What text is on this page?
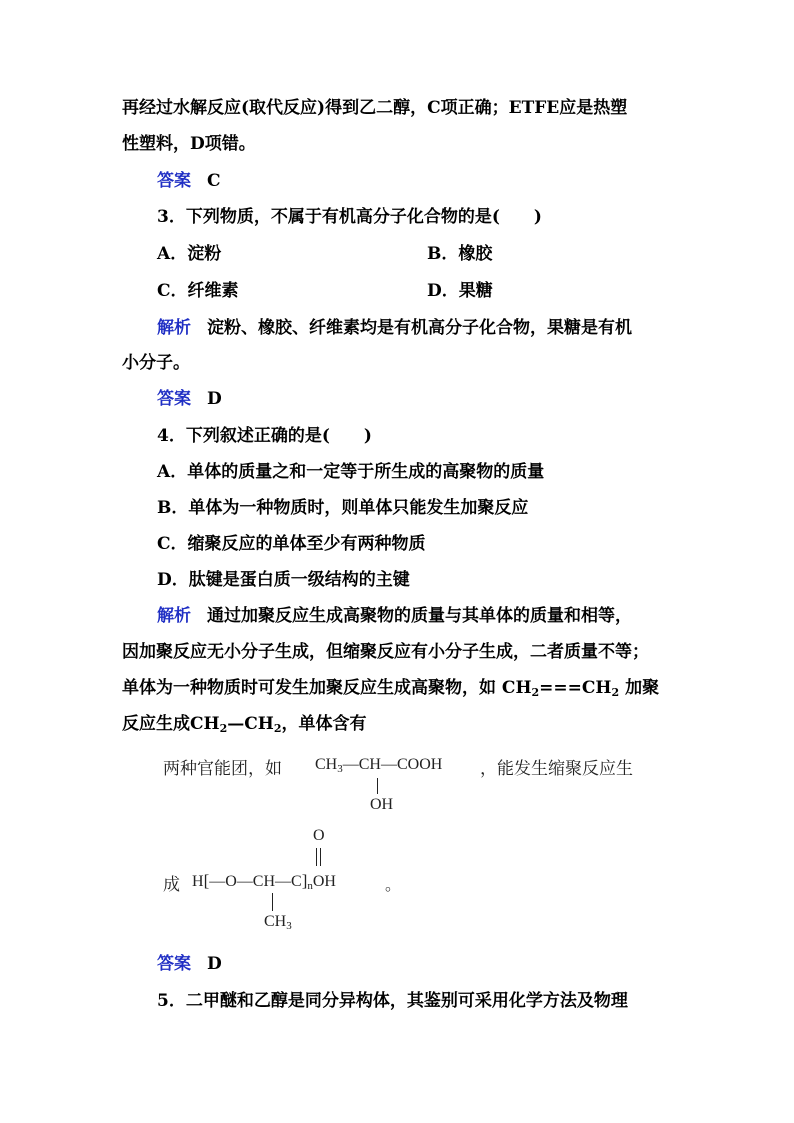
再经过水解反应(取代反应)得到乙二醇，C项正确；ETFE应是热塑
性塑料，D项错。
答案 C
3．下列物质，不属于有机高分子化合物的是(　　)
A．淀粉	B．橡胶
C．纤维素	D．果糖
解析 淀粉、橡胶、纤维素均是有机高分子化合物，果糖是有机
小分子。
答案 D
4．下列叙述正确的是(　　)
A．单体的质量之和一定等于所生成的高聚物的质量
B．单体为一种物质时，则单体只能发生加聚反应
C．缩聚反应的单体至少有两种物质
D．肽键是蛋白质一级结构的主键
解析 通过加聚反应生成高聚物的质量与其单体的质量和相等，
因加聚反应无小分子生成，但缩聚反应有小分子生成，二者质量不等；
单体为一种物质时可发生加聚反应生成高聚物，如 $CH_2===CH_2$ 加聚
反应生成$CH_2—CH_2$，单体含有
两种官能团，如 $CH_3—CH—COOH$ ，能发生缩聚反应生
OH
O
成 $H[—O—CH—C]_nOH$	。
$CH_3$
答案 D
5．二甲醚和乙醇是同分异构体，其鉴别可采用化学方法及物理
